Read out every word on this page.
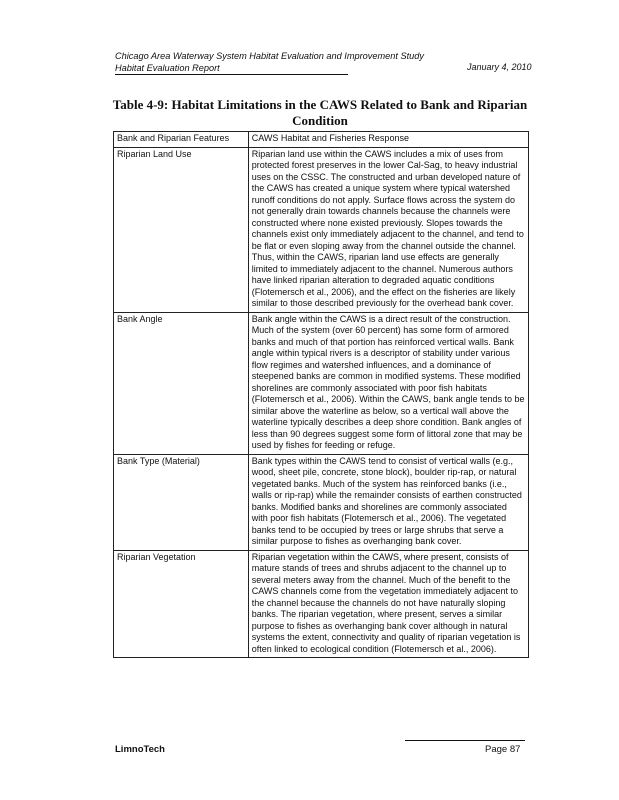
Chicago Area Waterway System Habitat Evaluation and Improvement Study
Habitat Evaluation Report	January 4, 2010
Table 4-9: Habitat Limitations in the CAWS Related to Bank and Riparian Condition
Bank and Riparian Features	CAWS Habitat and Fisheries Response
Riparian Land Use	Riparian land use within the CAWS includes a mix of uses from protected forest preserves in the lower Cal-Sag, to heavy industrial uses on the CSSC. The constructed and urban developed nature of the CAWS has created a unique system where typical watershed runoff conditions do not apply. Surface flows across the system do not generally drain towards channels because the channels were constructed where none existed previously. Slopes towards the channels exist only immediately adjacent to the channel, and tend to be flat or even sloping away from the channel outside the channel. Thus, within the CAWS, riparian land use effects are generally limited to immediately adjacent to the channel. Numerous authors have linked riparian alteration to degraded aquatic conditions (Flotemersch et al., 2006), and the effect on the fisheries are likely similar to those described previously for the overhead bank cover.
Bank Angle	Bank angle within the CAWS is a direct result of the construction. Much of the system (over 60 percent) has some form of armored banks and much of that portion has reinforced vertical walls. Bank angle within typical rivers is a descriptor of stability under various flow regimes and watershed influences, and a dominance of steepened banks are common in modified systems. These modified shorelines are commonly associated with poor fish habitats (Flotemersch et al., 2006). Within the CAWS, bank angle tends to be similar above the waterline as below, so a vertical wall above the waterline typically describes a deep shore condition. Bank angles of less than 90 degrees suggest some form of littoral zone that may be used by fishes for feeding or refuge.
Bank Type (Material)	Bank types within the CAWS tend to consist of vertical walls (e.g., wood, sheet pile, concrete, stone block), boulder rip-rap, or natural vegetated banks. Much of the system has reinforced banks (i.e., walls or rip-rap) while the remainder consists of earthen constructed banks. Modified banks and shorelines are commonly associated with poor fish habitats (Flotemersch et al., 2006). The vegetated banks tend to be occupied by trees or large shrubs that serve a similar purpose to fishes as overhanging bank cover.
Riparian Vegetation	Riparian vegetation within the CAWS, where present, consists of mature stands of trees and shrubs adjacent to the channel up to several meters away from the channel. Much of the benefit to the CAWS channels come from the vegetation immediately adjacent to the channel because the channels do not have naturally sloping banks. The riparian vegetation, where present, serves a similar purpose to fishes as overhanging bank cover although in natural systems the extent, connectivity and quality of riparian vegetation is often linked to ecological condition (Flotemersch et al., 2006).
LimnoTech	Page 87
